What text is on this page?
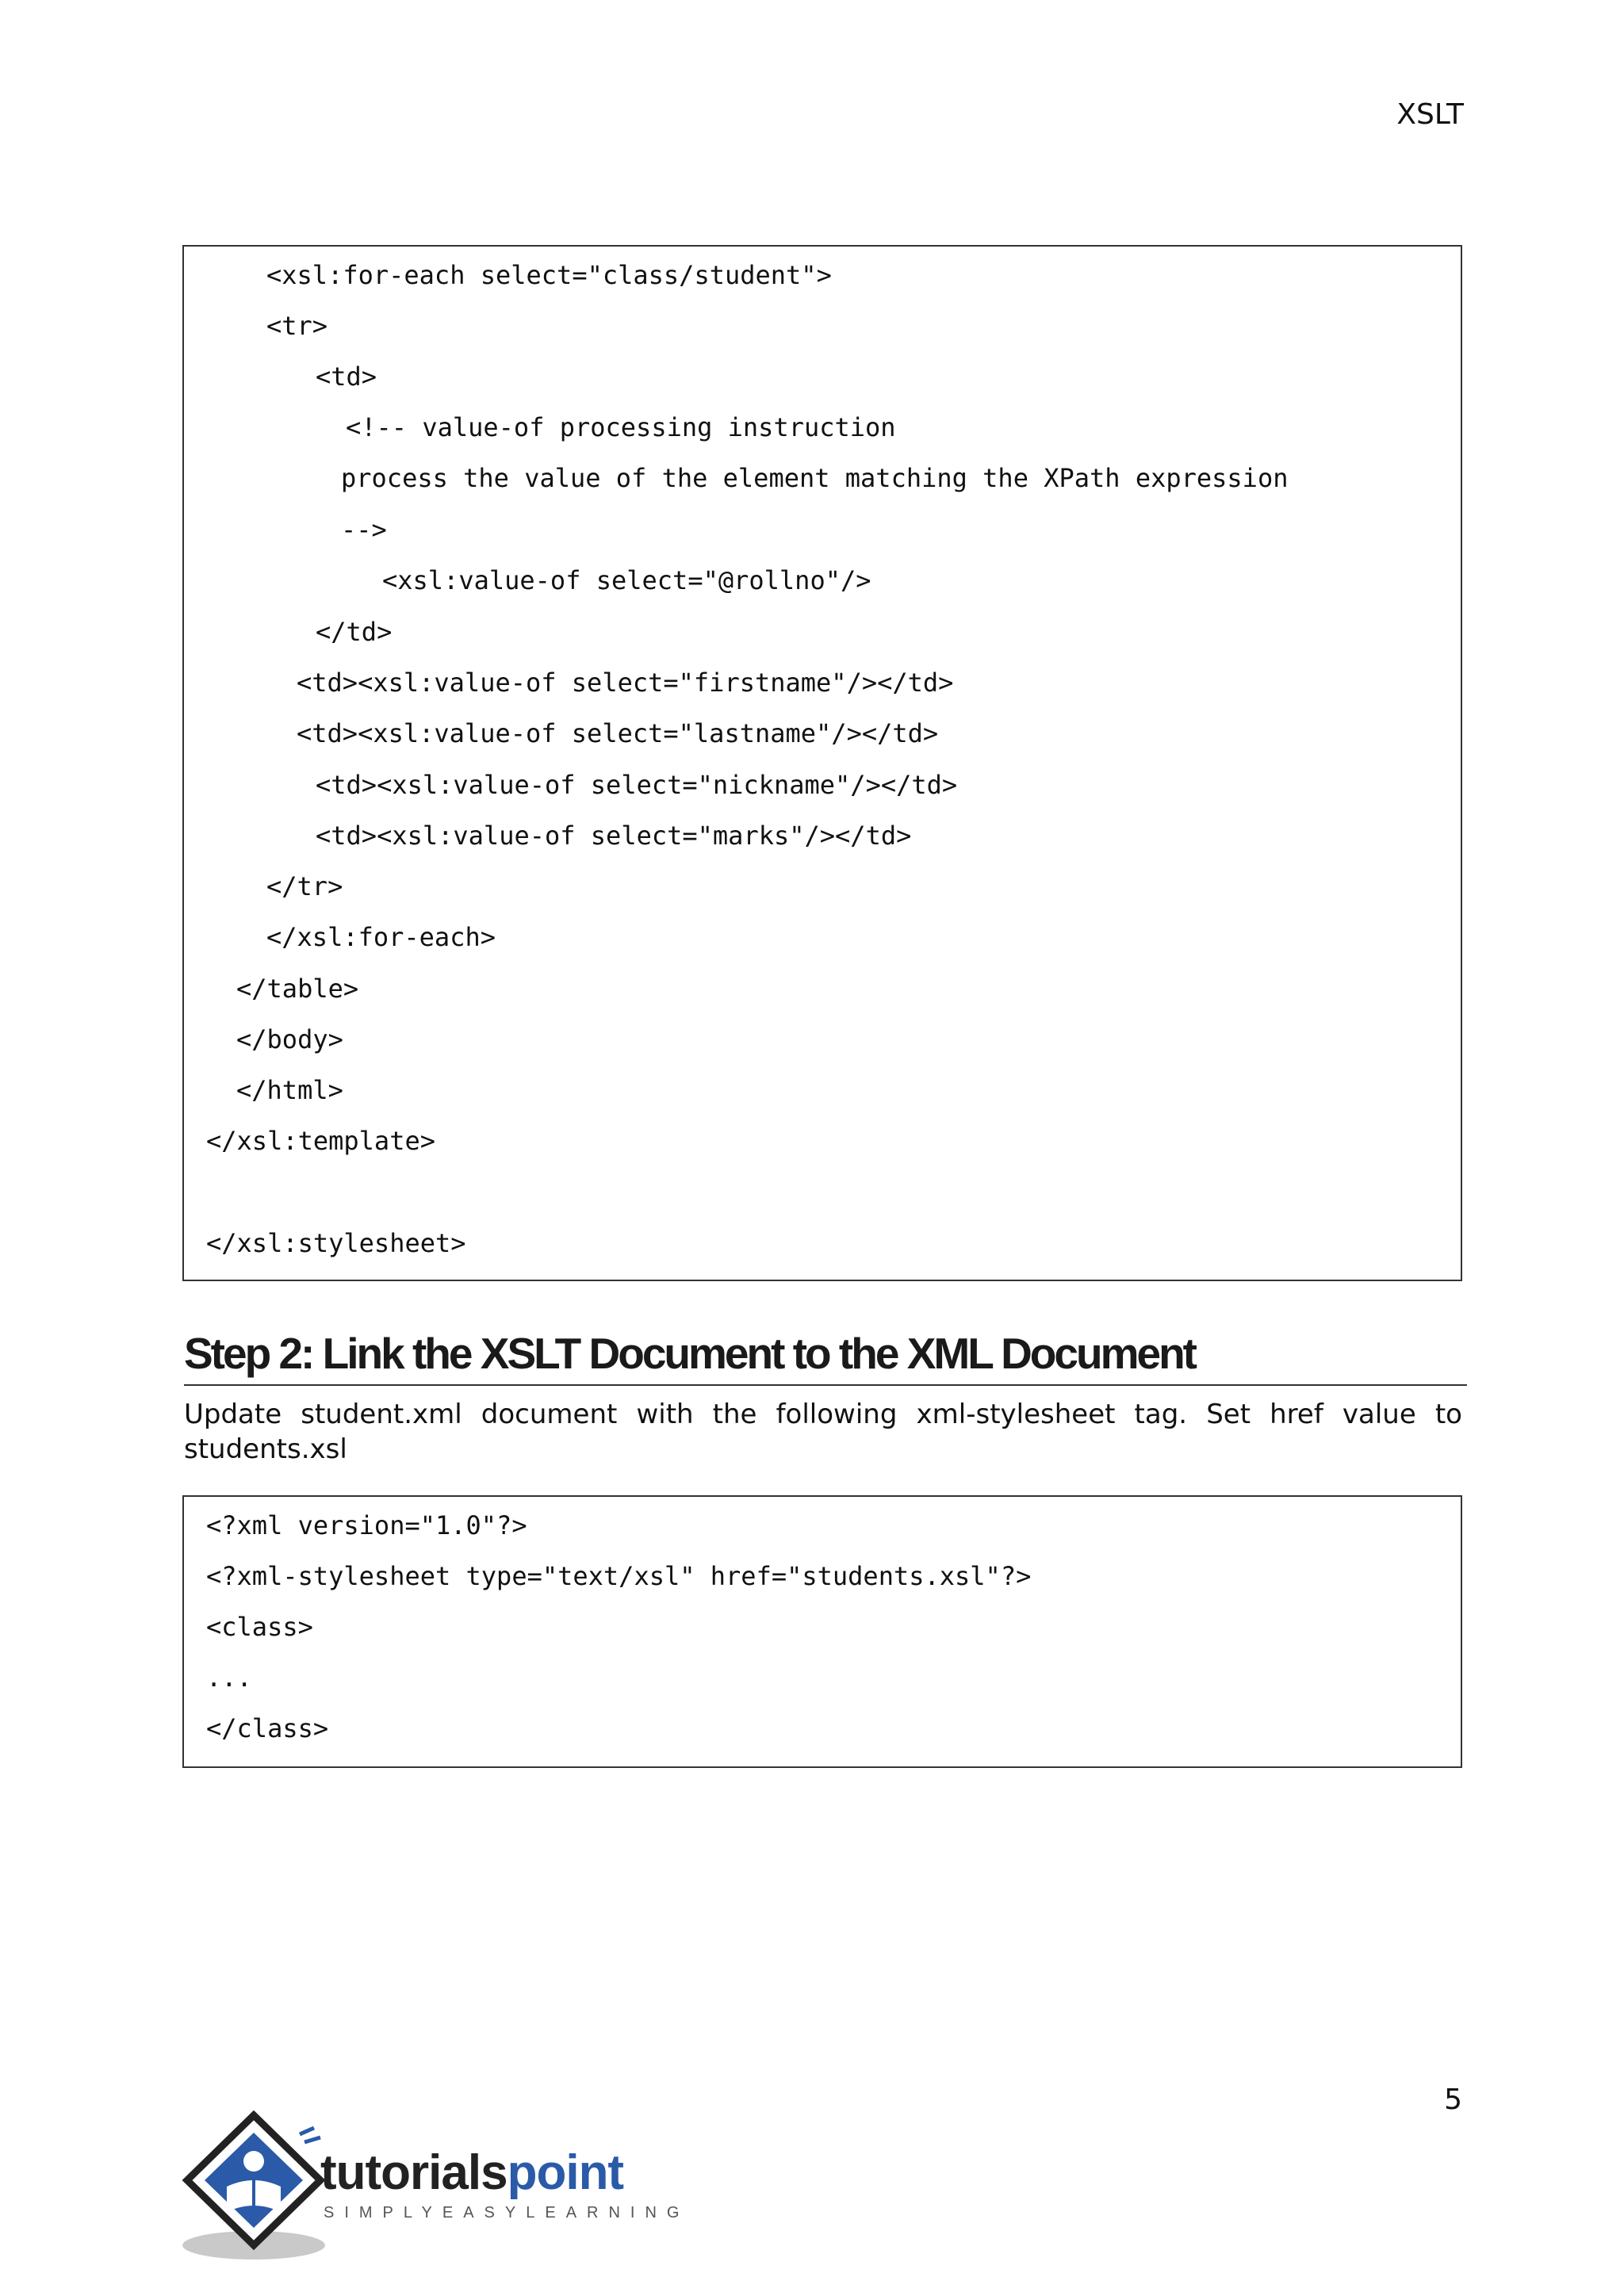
XSLT
<xsl:for-each select="class/student">
<tr>
<td>
<!-- value-of processing instruction
process the value of the element matching the XPath expression
-->
<xsl:value-of select="@rollno"/>
</td>
<td><xsl:value-of select="firstname"/></td>
<td><xsl:value-of select="lastname"/></td>
<td><xsl:value-of select="nickname"/></td>
<td><xsl:value-of select="marks"/></td>
</tr>
</xsl:for-each>
</table>
</body>
</html>
</xsl:template>
</xsl:stylesheet>
Step 2: Link the XSLT Document to the XML Document
Update student.xml document with the following xml-stylesheet tag. Set href value to students.xsl
<?xml version="1.0"?>
<?xml-stylesheet type="text/xsl" href="students.xsl"?>
<class>
...
</class>
5
tutorialspoint
SIMPLYEASYLEARNING
